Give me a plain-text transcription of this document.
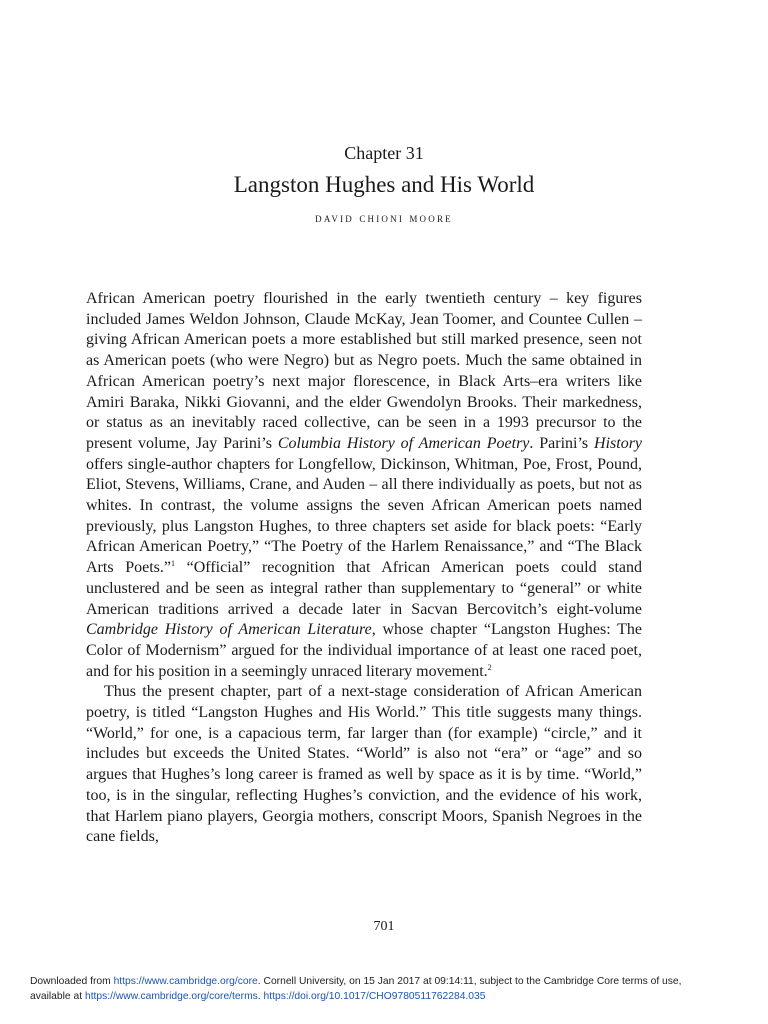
Chapter 31
Langston Hughes and His World
david chioni moore

African American poetry flourished in the early twentieth century – key figures included James Weldon Johnson, Claude McKay, Jean Toomer, and Countee Cullen – giving African American poets a more established but still marked presence, seen not as American poets (who were Negro) but as Negro poets. Much the same obtained in African American poetry’s next major florescence, in Black Arts–era writers like Amiri Baraka, Nikki Giovanni, and the elder Gwendolyn Brooks. Their markedness, or status as an inevitably raced collective, can be seen in a 1993 precursor to the present volume, Jay Parini’s Columbia History of American Poetry. Parini’s History offers single-author chapters for Longfellow, Dickinson, Whitman, Poe, Frost, Pound, Eliot, Stevens, Williams, Crane, and Auden – all there individually as poets, but not as whites. In contrast, the volume assigns the seven African American poets named previously, plus Langston Hughes, to three chapters set aside for black poets: “Early African American Poetry,” “The Poetry of the Harlem Renaissance,” and “The Black Arts Poets.”$^1$ “Official” recognition that African American poets could stand unclustered and be seen as integral rather than supplementary to “general” or white American traditions arrived a decade later in Sacvan Bercovitch’s eight-volume Cambridge History of American Literature, whose chapter “Langston Hughes: The Color of Modernism” argued for the individual importance of at least one raced poet, and for his position in a seemingly unraced literary movement.$^2$

Thus the present chapter, part of a next-stage consideration of African American poetry, is titled “Langston Hughes and His World.” This title suggests many things. “World,” for one, is a capacious term, far larger than (for example) “circle,” and it includes but exceeds the United States. “World” is also not “era” or “age” and so argues that Hughes’s long career is framed as well by space as it is by time. “World,” too, is in the singular, reflecting Hughes’s conviction, and the evidence of his work, that Harlem piano players, Georgia mothers, conscript Moors, Spanish Negroes in the cane fields,

701
Downloaded from https://www.cambridge.org/core. Cornell University, on 15 Jan 2017 at 09:14:11, subject to the Cambridge Core terms of use,
available at https://www.cambridge.org/core/terms. https://doi.org/10.1017/CHO9780511762284.035
